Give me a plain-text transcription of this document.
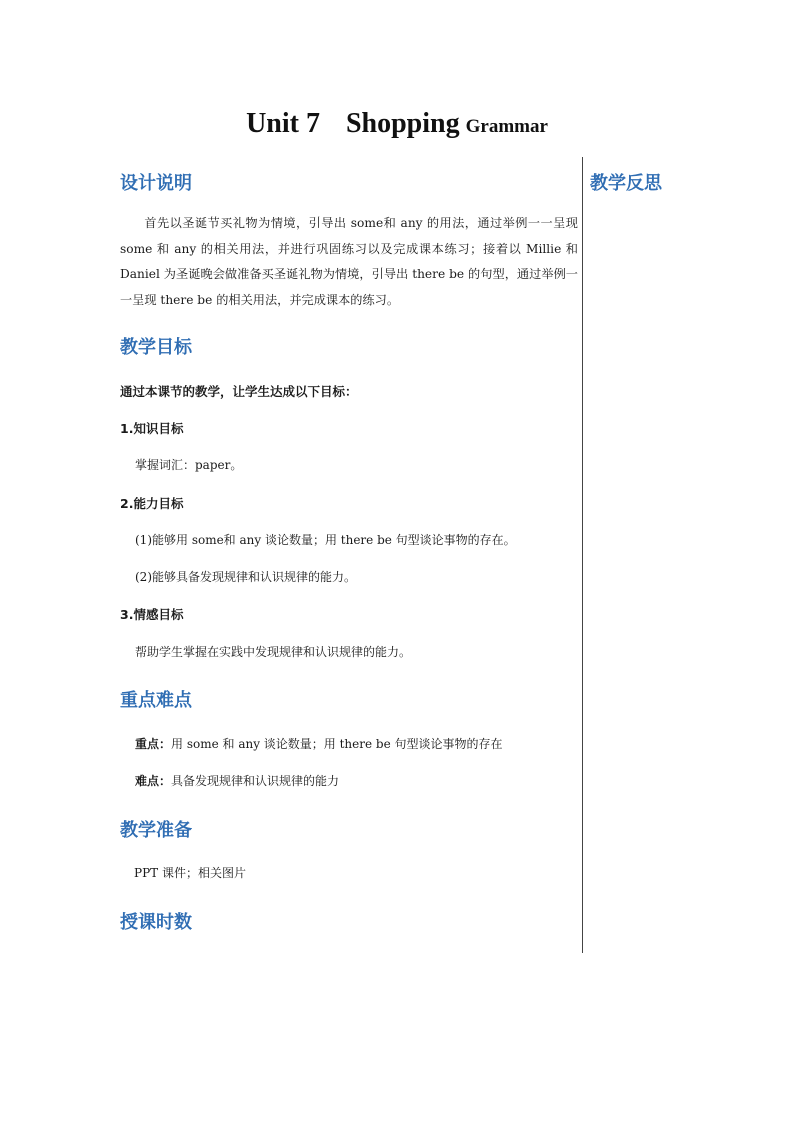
Unit 7 Shopping Grammar
设计说明

首先以圣诞节买礼物为情境，引导出 some和 any 的用法，通过举例一一呈现 some 和 any 的相关用法，并进行巩固练习以及完成课本练习；接着以 Millie 和 Daniel 为圣诞晚会做准备买圣诞礼物为情境，引导出 there be 的句型，通过举例一一呈现 there be 的相关用法，并完成课本的练习。

教学目标
通过本课节的教学，让学生达成以下目标：
1.知识目标
掌握词汇：paper。
2.能力目标
(1)能够用 some和 any 谈论数量；用 there be 句型谈论事物的存在。
(2)能够具备发现规律和认识规律的能力。
3.情感目标
帮助学生掌握在实践中发现规律和认识规律的能力。
重点难点
重点：用 some 和 any 谈论数量；用 there be 句型谈论事物的存在
难点：具备发现规律和认识规律的能力
教学准备
PPT 课件；相关图片
授课时数
教学反思
